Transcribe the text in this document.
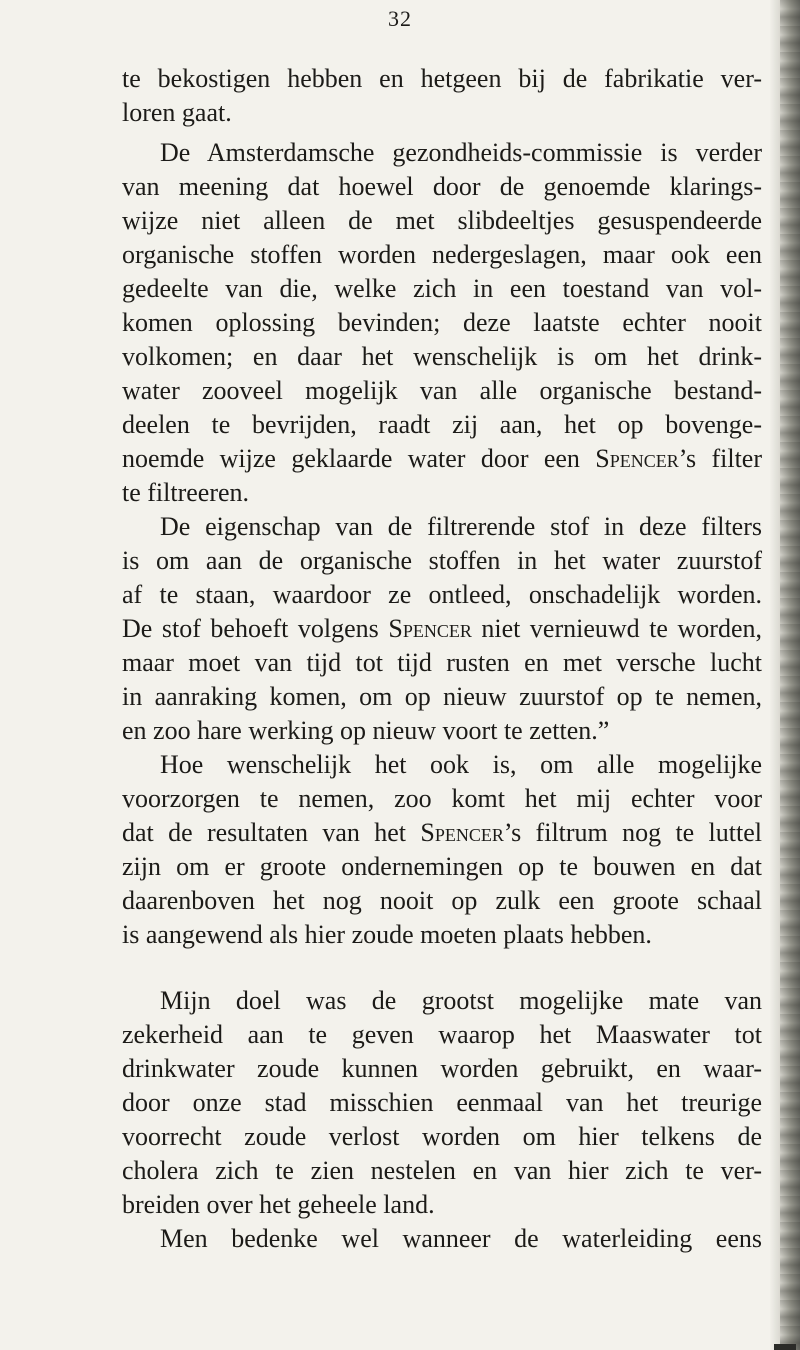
32
te bekostigen hebben en hetgeen bij de fabrikatie ver-
loren gaat.
De Amsterdamsche gezondheids-commissie is verder
van meening dat hoewel door de genoemde klarings-
wijze niet alleen de met slibdeeltjes gesuspendeerde
organische stoffen worden nedergeslagen, maar ook een
gedeelte van die, welke zich in een toestand van vol-
komen oplossing bevinden; deze laatste echter nooit
volkomen; en daar het wenschelijk is om het drink-
water zooveel mogelijk van alle organische bestand-
deelen te bevrijden, raadt zij aan, het op bovenge-
noemde wijze geklaarde water door een Spencer’s filter
te filtreeren.
De eigenschap van de filtrerende stof in deze filters
is om aan de organische stoffen in het water zuurstof
af te staan, waardoor ze ontleed, onschadelijk worden.
De stof behoeft volgens Spencer niet vernieuwd te worden,
maar moet van tijd tot tijd rusten en met versche lucht
in aanraking komen, om op nieuw zuurstof op te nemen,
en zoo hare werking op nieuw voort te zetten.”
Hoe wenschelijk het ook is, om alle mogelijke
voorzorgen te nemen, zoo komt het mij echter voor
dat de resultaten van het Spencer’s filtrum nog te luttel
zijn om er groote ondernemingen op te bouwen en dat
daarenboven het nog nooit op zulk een groote schaal
is aangewend als hier zoude moeten plaats hebben.
Mijn doel was de grootst mogelijke mate van
zekerheid aan te geven waarop het Maaswater tot
drinkwater zoude kunnen worden gebruikt, en waar-
door onze stad misschien eenmaal van het treurige
voorrecht zoude verlost worden om hier telkens de
cholera zich te zien nestelen en van hier zich te ver-
breiden over het geheele land.
Men bedenke wel wanneer de waterleiding eens
